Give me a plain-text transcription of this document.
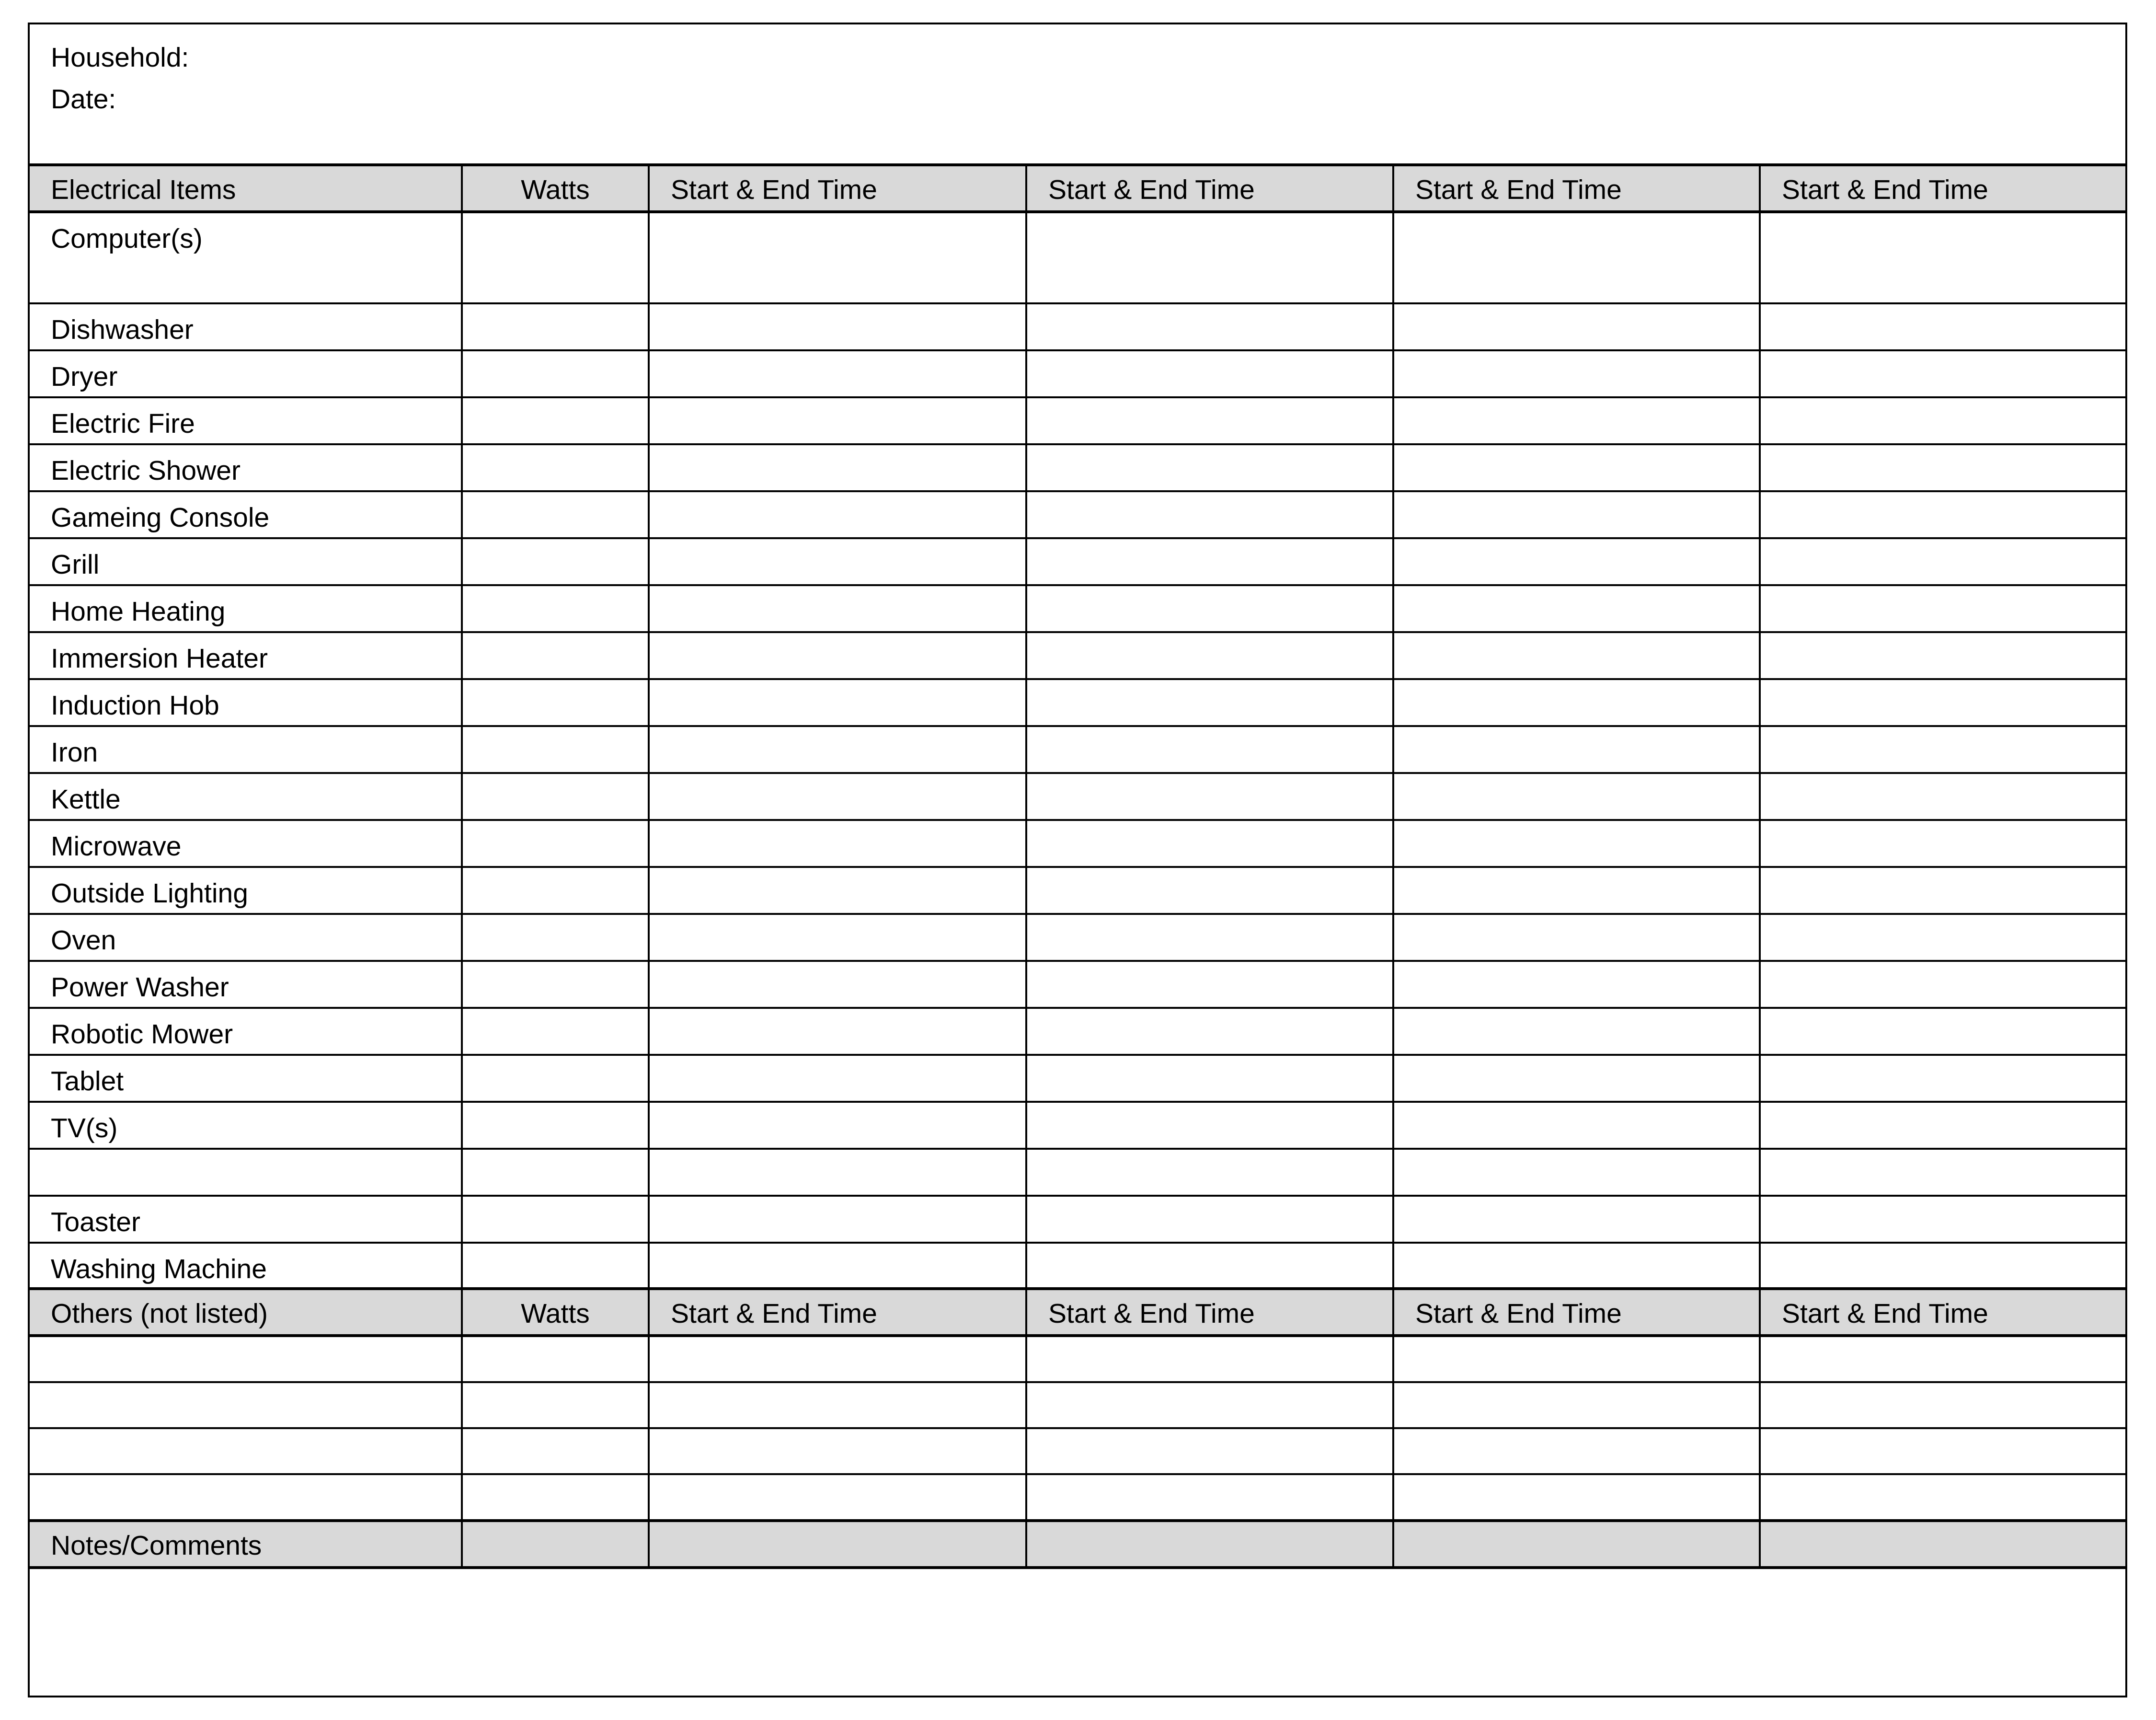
Household:
Date:
Electrical Items	Watts	Start & End Time	Start & End Time	Start & End Time	Start & End Time
Computer(s)
Dishwasher
Dryer
Electric Fire
Electric Shower
Gameing Console
Grill
Home Heating
Immersion Heater
Induction Hob
Iron
Kettle
Microwave
Outside Lighting
Oven
Power Washer
Robotic Mower
Tablet
TV(s)
Toaster
Washing Machine
Others (not listed)	Watts	Start & End Time	Start & End Time	Start & End Time	Start & End Time
Notes/Comments
